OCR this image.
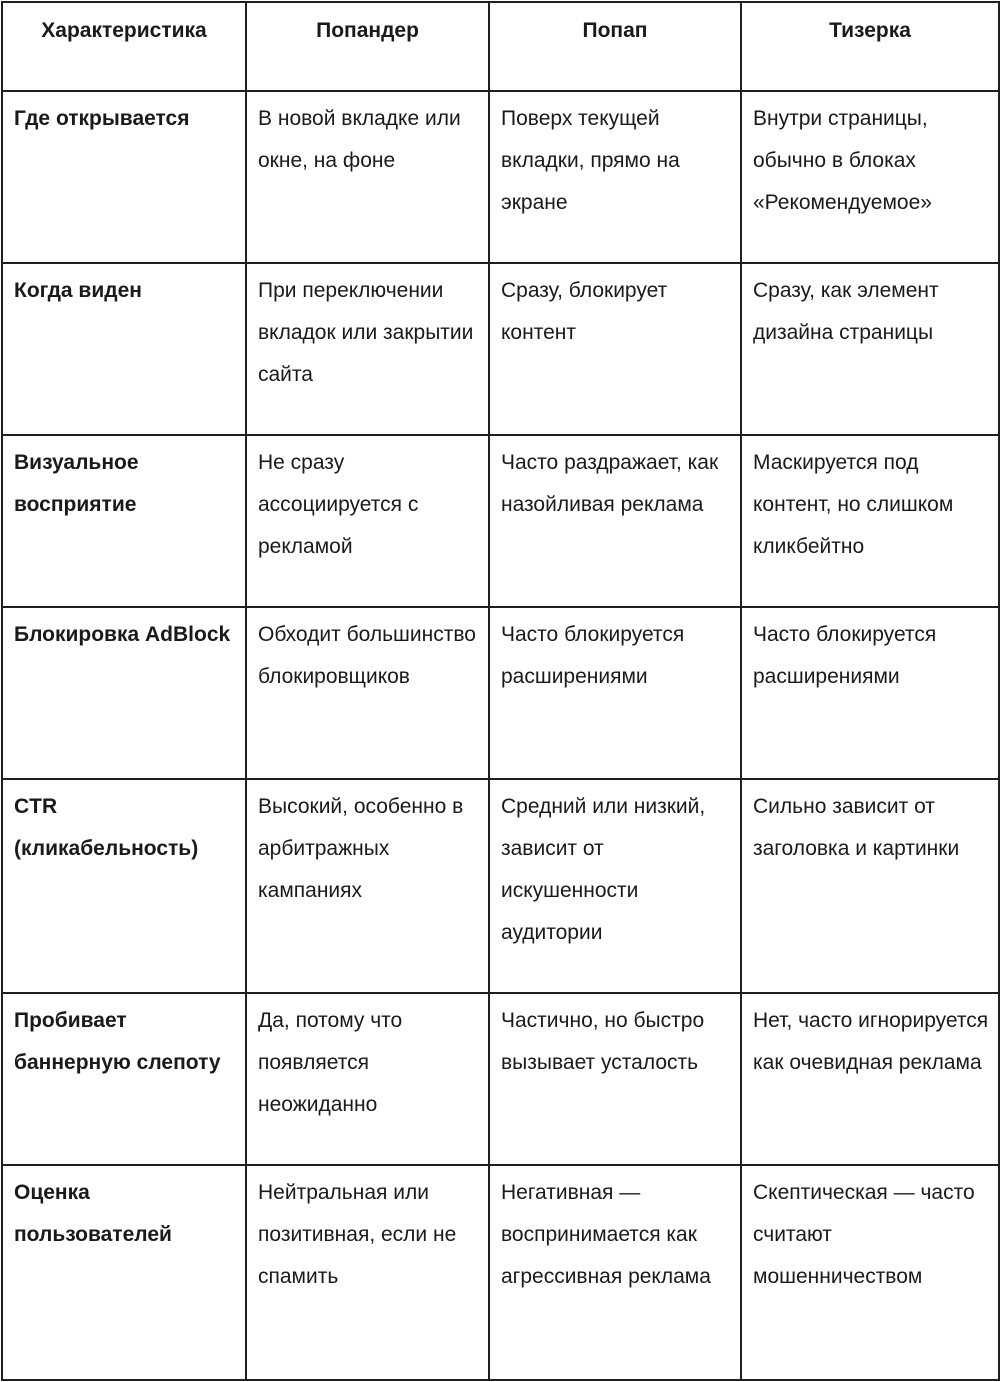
Характеристика	Попандер	Попап	Тизерка
Где открывается	В новой вкладке или окне, на фоне	Поверх текущей вкладки, прямо на экране	Внутри страницы, обычно в блоках «Рекомендуемое»
Когда виден	При переключении вкладок или закрытии сайта	Сразу, блокирует контент	Сразу, как элемент дизайна страницы
Визуальное восприятие	Не сразу ассоциируется с рекламой	Часто раздражает, как назойливая реклама	Маскируется под контент, но слишком кликбейтно
Блокировка AdBlock	Обходит большинство блокировщиков	Часто блокируется расширениями	Часто блокируется расширениями
CTR (кликабельность)	Высокий, особенно в арбитражных кампаниях	Средний или низкий, зависит от искушенности аудитории	Сильно зависит от заголовка и картинки
Пробивает баннерную слепоту	Да, потому что появляется неожиданно	Частично, но быстро вызывает усталость	Нет, часто игнорируется как очевидная реклама
Оценка пользователей	Нейтральная или позитивная, если не спамить	Негативная — воспринимается как агрессивная реклама	Скептическая — часто считают мошенничеством
